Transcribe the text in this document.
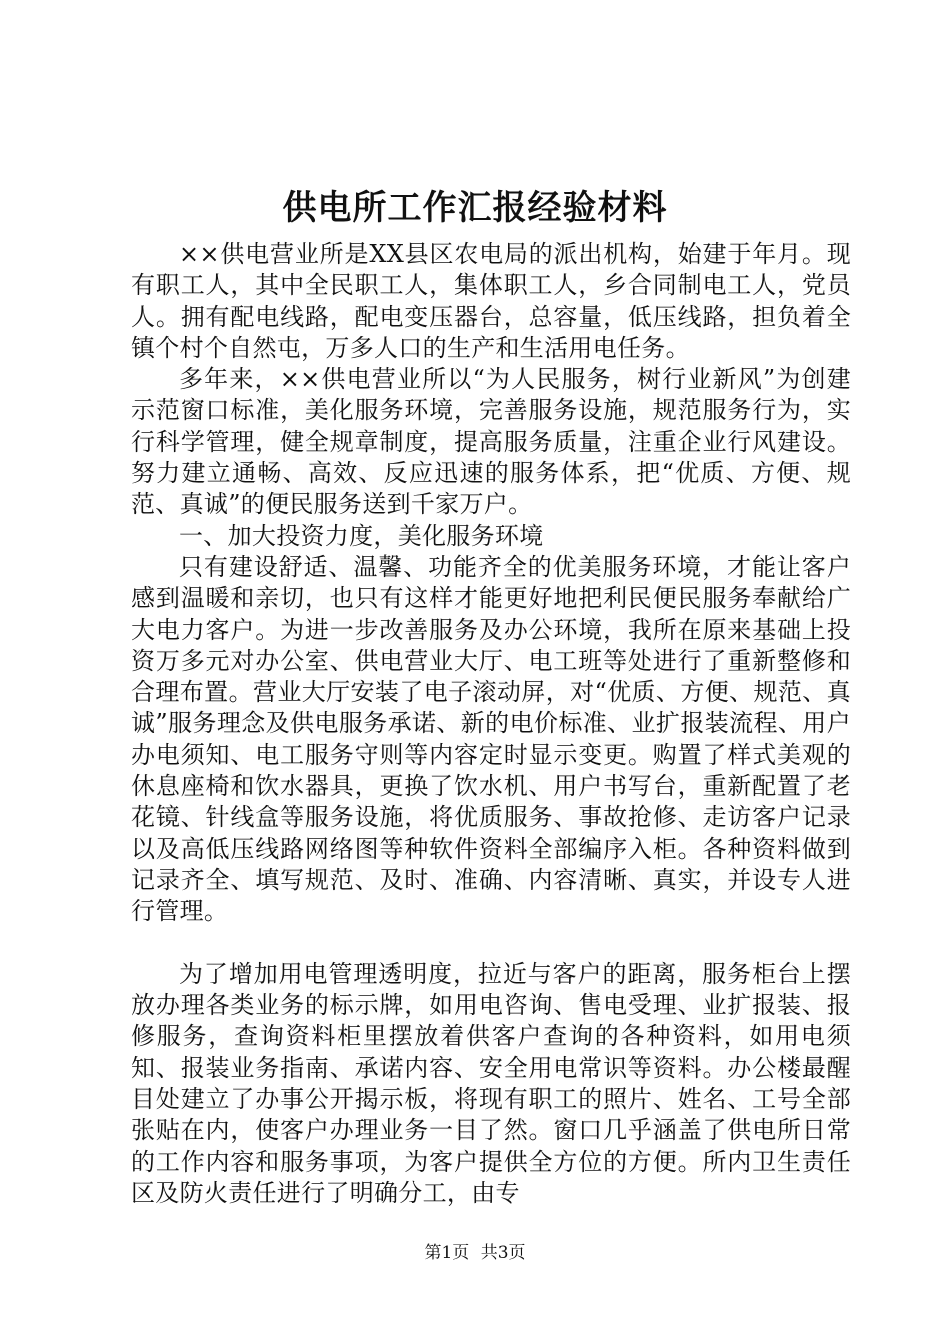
供电所工作汇报经验材料

××供电营业所是XX县区农电局的派出机构，始建于年月。现有职工人，其中全民职工人，集体职工人，乡合同制电工人，党员人。拥有配电线路，配电变压器台，总容量，低压线路，担负着全镇个村个自然屯，万多人口的生产和生活用电任务。

多年来，××供电营业所以“为人民服务，树行业新风”为创建示范窗口标准，美化服务环境，完善服务设施，规范服务行为，实行科学管理，健全规章制度，提高服务质量，注重企业行风建设。努力建立通畅、高效、反应迅速的服务体系，把“优质、方便、规范、真诚”的便民服务送到千家万户。

一、加大投资力度，美化服务环境

只有建设舒适、温馨、功能齐全的优美服务环境，才能让客户感到温暖和亲切，也只有这样才能更好地把利民便民服务奉献给广大电力客户。为进一步改善服务及办公环境，我所在原来基础上投资万多元对办公室、供电营业大厅、电工班等处进行了重新整修和合理布置。营业大厅安装了电子滚动屏，对“优质、方便、规范、真诚”服务理念及供电服务承诺、新的电价标准、业扩报装流程、用户办电须知、电工服务守则等内容定时显示变更。购置了样式美观的休息座椅和饮水器具，更换了饮水机、用户书写台，重新配置了老花镜、针线盒等服务设施，将优质服务、事故抢修、走访客户记录以及高低压线路网络图等种软件资料全部编序入柜。各种资料做到记录齐全、填写规范、及时、准确、内容清晰、真实，并设专人进行管理。

为了增加用电管理透明度，拉近与客户的距离，服务柜台上摆放办理各类业务的标示牌，如用电咨询、售电受理、业扩报装、报修服务，查询资料柜里摆放着供客户查询的各种资料，如用电须知、报装业务指南、承诺内容、安全用电常识等资料。办公楼最醒目处建立了办事公开揭示板，将现有职工的照片、姓名、工号全部张贴在内，使客户办理业务一目了然。窗口几乎涵盖了供电所日常的工作内容和服务事项，为客户提供全方位的方便。所内卫生责任区及防火责任进行了明确分工，由专

第1页 共3页
